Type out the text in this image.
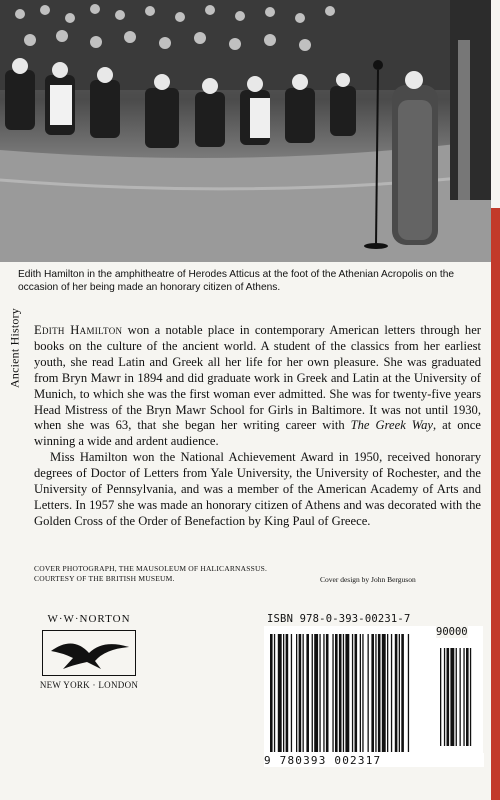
Edith Hamilton in the amphitheatre of Herodes Atticus at the foot of the Athenian Acropolis on the occasion of her being made an honorary citizen of Athens.
Ancient History Edith Hamilton won a notable place in contemporary American letters through her books on the culture of the ancient world. A student of the classics from her earliest youth, she read Latin and Greek all her life for her own pleasure. She was graduated from Bryn Mawr in 1894 and did graduate work in Greek and Latin at the University of Munich, to which she was the first woman ever admitted. She was for twenty-five years Head Mistress of the Bryn Mawr School for Girls in Baltimore. It was not until 1930, when she was 63, that she began her writing career with The Greek Way, at once winning a wide and ardent audience.

Miss Hamilton won the National Achievement Award in 1950, received honorary degrees of Doctor of Letters from Yale University, the University of Rochester, and the University of Pennsylvania, and was a member of the American Academy of Arts and Letters. In 1957 she was made an honorary citizen of Athens and was decorated with the Golden Cross of the Order of Benefaction by King Paul of Greece.

COVER PHOTOGRAPH, THE MAUSOLEUM OF HALICARNASSUS.
COURTESY OF THE BRITISH MUSEUM.	Cover design by John Berguson
W·W·NORTON
NEW YORK · LONDON
ISBN 978-0-393-00231-7
90000
9 780393 002317
